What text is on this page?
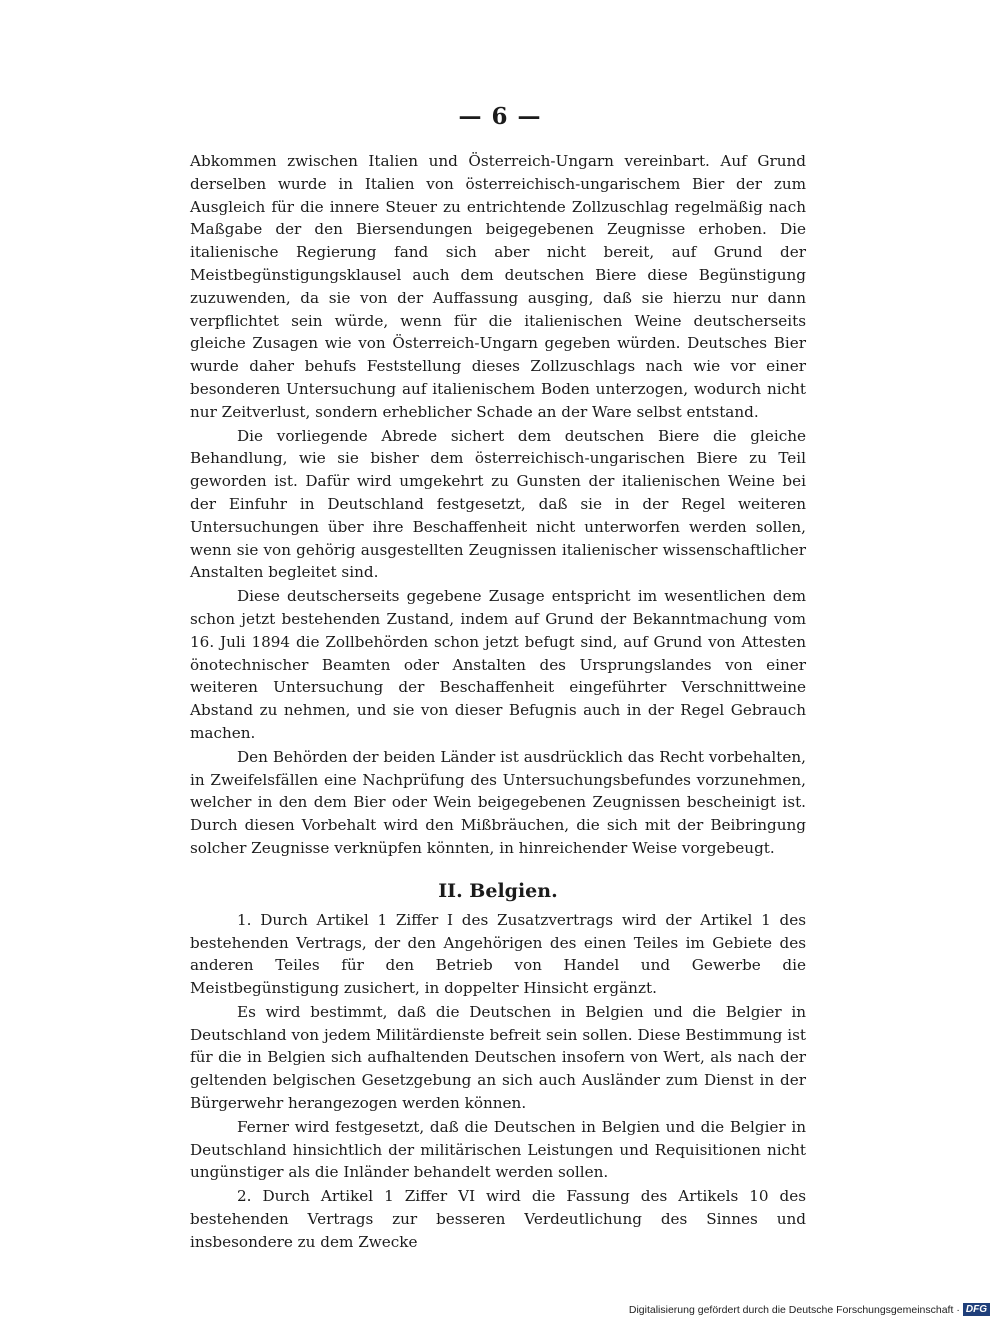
— 6 —

Abkommen zwischen Italien und Österreich-Ungarn vereinbart. Auf Grund derselben wurde in Italien von österreichisch-ungarischem Bier der zum Ausgleich für die innere Steuer zu entrichtende Zollzuschlag regelmäßig nach Maßgabe der den Biersendungen beigegebenen Zeugnisse erhoben. Die italienische Regierung fand sich aber nicht bereit, auf Grund der Meistbegünstigungsklausel auch dem deutschen Biere diese Begünstigung zuzuwenden, da sie von der Auffassung ausging, daß sie hierzu nur dann verpflichtet sein würde, wenn für die italienischen Weine deutscherseits gleiche Zusagen wie von Österreich-Ungarn gegeben würden. Deutsches Bier wurde daher behufs Feststellung dieses Zollzuschlags nach wie vor einer besonderen Untersuchung auf italienischem Boden unterzogen, wodurch nicht nur Zeitverlust, sondern erheblicher Schade an der Ware selbst entstand.

Die vorliegende Abrede sichert dem deutschen Biere die gleiche Behandlung, wie sie bisher dem österreichisch-ungarischen Biere zu Teil geworden ist. Dafür wird umgekehrt zu Gunsten der italienischen Weine bei der Einfuhr in Deutschland festgesetzt, daß sie in der Regel weiteren Untersuchungen über ihre Beschaffenheit nicht unterworfen werden sollen, wenn sie von gehörig ausgestellten Zeugnissen italienischer wissenschaftlicher Anstalten begleitet sind.

Diese deutscherseits gegebene Zusage entspricht im wesentlichen dem schon jetzt bestehenden Zustand, indem auf Grund der Bekanntmachung vom 16. Juli 1894 die Zollbehörden schon jetzt befugt sind, auf Grund von Attesten önotechnischer Beamten oder Anstalten des Ursprungslandes von einer weiteren Untersuchung der Beschaffenheit eingeführter Verschnittweine Abstand zu nehmen, und sie von dieser Befugnis auch in der Regel Gebrauch machen.

Den Behörden der beiden Länder ist ausdrücklich das Recht vorbehalten, in Zweifelsfällen eine Nachprüfung des Untersuchungsbefundes vorzunehmen, welcher in den dem Bier oder Wein beigegebenen Zeugnissen bescheinigt ist. Durch diesen Vorbehalt wird den Mißbräuchen, die sich mit der Beibringung solcher Zeugnisse verknüpfen könnten, in hinreichender Weise vorgebeugt.

II. Belgien.

1. Durch Artikel 1 Ziffer I des Zusatzvertrags wird der Artikel 1 des bestehenden Vertrags, der den Angehörigen des einen Teiles im Gebiete des anderen Teiles für den Betrieb von Handel und Gewerbe die Meistbegünstigung zusichert, in doppelter Hinsicht ergänzt.

Es wird bestimmt, daß die Deutschen in Belgien und die Belgier in Deutschland von jedem Militärdienste befreit sein sollen. Diese Bestimmung ist für die in Belgien sich aufhaltenden Deutschen insofern von Wert, als nach der geltenden belgischen Gesetzgebung an sich auch Ausländer zum Dienst in der Bürgerwehr herangezogen werden können.

Ferner wird festgesetzt, daß die Deutschen in Belgien und die Belgier in Deutschland hinsichtlich der militärischen Leistungen und Requisitionen nicht ungünstiger als die Inländer behandelt werden sollen.

2. Durch Artikel 1 Ziffer VI wird die Fassung des Artikels 10 des bestehenden Vertrags zur besseren Verdeutlichung des Sinnes und insbesondere zu dem Zwecke

Digitalisierung gefördert durch die Deutsche Forschungsgemeinschaft · DFG
